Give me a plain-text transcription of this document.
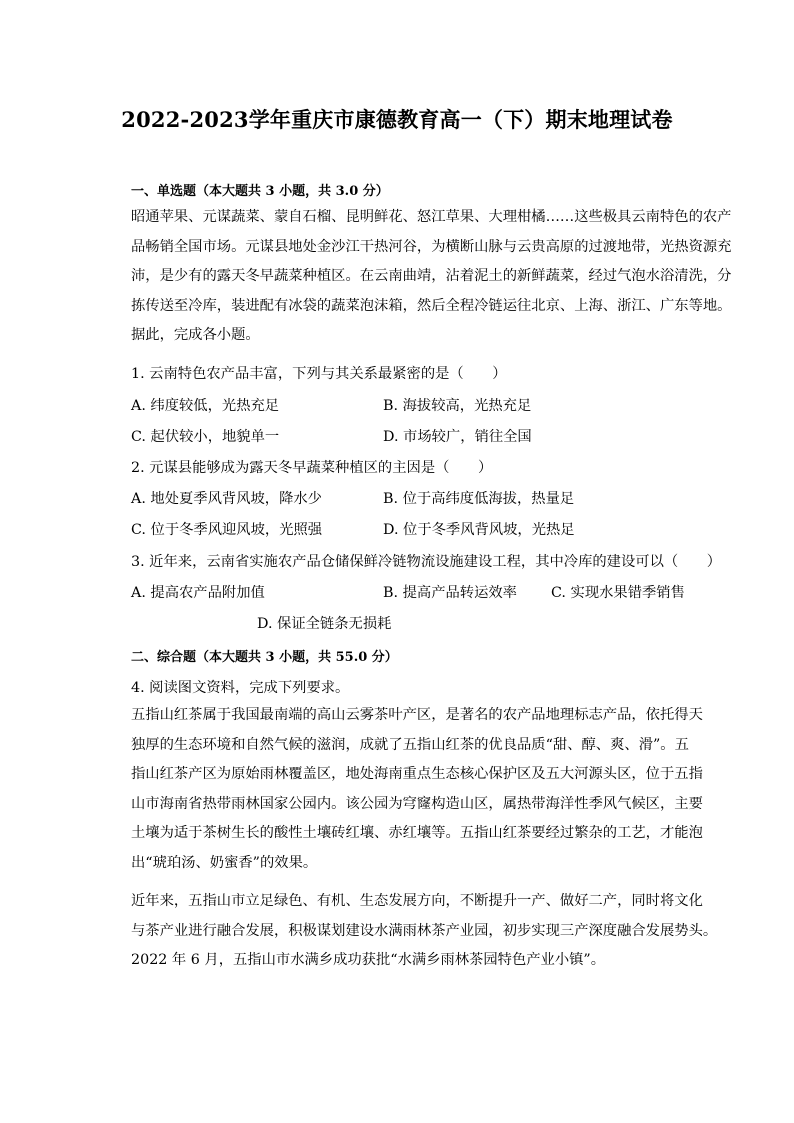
2022-2023学年重庆市康德教育高一（下）期末地理试卷
一、单选题（本大题共 3 小题，共 3.0 分）
昭通苹果、元谋蔬菜、蒙自石榴、昆明鲜花、怒江草果、大理柑橘……这些极具云南特色的农产
品畅销全国市场。元谋县地处金沙江干热河谷，为横断山脉与云贵高原的过渡地带，光热资源充
沛，是少有的露天冬早蔬菜种植区。在云南曲靖，沾着泥土的新鲜蔬菜，经过气泡水浴清洗，分
拣传送至冷库，装进配有冰袋的蔬菜泡沫箱，然后全程冷链运往北京、上海、浙江、广东等地。
据此，完成各小题。
1. 云南特色农产品丰富，下列与其关系最紧密的是（　　）
A. 纬度较低，光热充足	B. 海拔较高，光热充足
C. 起伏较小，地貌单一	D. 市场较广，销往全国
2. 元谋县能够成为露天冬早蔬菜种植区的主因是（　　）
A. 地处夏季风背风坡，降水少	B. 位于高纬度低海拔，热量足
C. 位于冬季风迎风坡，光照强	D. 位于冬季风背风坡，光热足
3. 近年来，云南省实施农产品仓储保鲜冷链物流设施建设工程，其中冷库的建设可以（　　）
A. 提高农产品附加值	B. 提高产品转运效率 C. 实现水果错季销售
D. 保证全链条无损耗
二、综合题（本大题共 3 小题，共 55.0 分）
4. 阅读图文资料，完成下列要求。
五指山红茶属于我国最南端的高山云雾茶叶产区，是著名的农产品地理标志产品，依托得天
独厚的生态环境和自然气候的滋润，成就了五指山红茶的优良品质“甜、醇、爽、滑”。五
指山红茶产区为原始雨林覆盖区，地处海南重点生态核心保护区及五大河源头区，位于五指
山市海南省热带雨林国家公园内。该公园为穹窿构造山区，属热带海洋性季风气候区，主要
土壤为适于茶树生长的酸性土壤砖红壤、赤红壤等。五指山红茶要经过繁杂的工艺，才能泡
出“琥珀汤、奶蜜香”的效果。
近年来，五指山市立足绿色、有机、生态发展方向，不断提升一产、做好二产，同时将文化
与茶产业进行融合发展，积极谋划建设水满雨林茶产业园，初步实现三产深度融合发展势头。
2022 年 6 月，五指山市水满乡成功获批“水满乡雨林茶园特色产业小镇”。
